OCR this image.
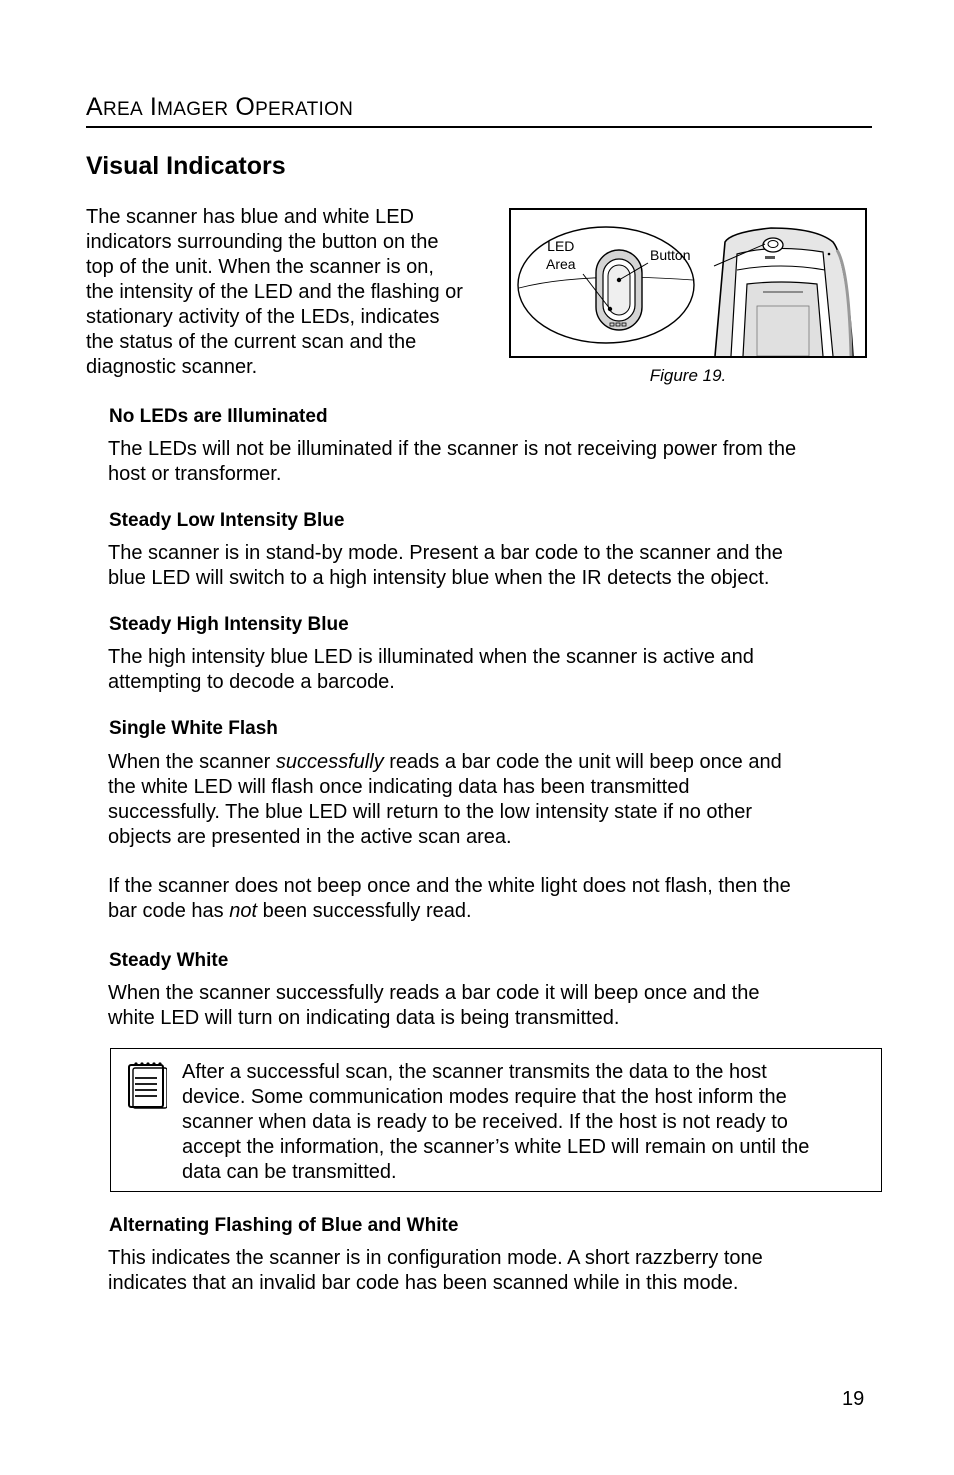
AREA IMAGER OPERATION
Visual Indicators
The scanner has blue and white LED
indicators surrounding the button on the
top of the unit. When the scanner is on,
the intensity of the LED and the flashing or
stationary activity of the LEDs, indicates
the status of the current scan and the
diagnostic scanner.
LED
Area
Button
Figure 19.
No LEDs are Illuminated
The LEDs will not be illuminated if the scanner is not receiving power from the
host or transformer.
Steady Low Intensity Blue
The scanner is in stand-by mode. Present a bar code to the scanner and the
blue LED will switch to a high intensity blue when the IR detects the object.
Steady High Intensity Blue
The high intensity blue LED is illuminated when the scanner is active and
attempting to decode a barcode.
Single White Flash
When the scanner successfully reads a bar code the unit will beep once and
the white LED will flash once indicating data has been transmitted
successfully. The blue LED will return to the low intensity state if no other
objects are presented in the active scan area.
If the scanner does not beep once and the white light does not flash, then the
bar code has not been successfully read.
Steady White
When the scanner successfully reads a bar code it will beep once and the
white LED will turn on indicating data is being transmitted.
After a successful scan, the scanner transmits the data to the host
device. Some communication modes require that the host inform the
scanner when data is ready to be received. If the host is not ready to
accept the information, the scanner’s white LED will remain on until the
data can be transmitted.
Alternating Flashing of Blue and White
This indicates the scanner is in configuration mode. A short razzberry tone
indicates that an invalid bar code has been scanned while in this mode.
19
